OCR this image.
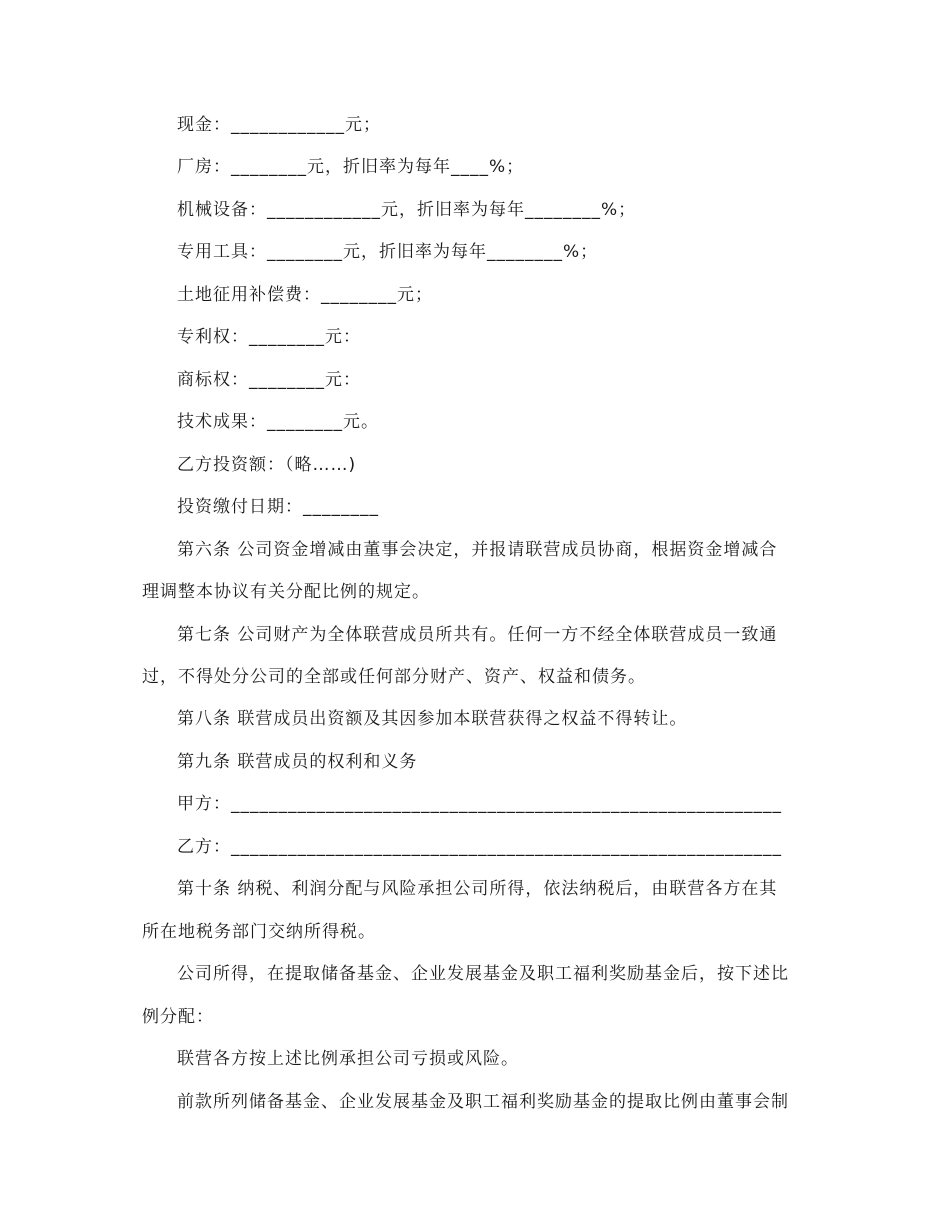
现金：____________元；

厂房：________元，折旧率为每年____%；

机械设备：____________元，折旧率为每年________%；

专用工具：________元，折旧率为每年________%；

土地征用补偿费：________元；

专利权：________元：

商标权：________元：

技术成果：________元。

乙方投资额：（略……)

投资缴付日期：________

第六条 公司资金增减由董事会决定，并报请联营成员协商，根据资金增减合

理调整本协议有关分配比例的规定。

第七条 公司财产为全体联营成员所共有。任何一方不经全体联营成员一致通

过，不得处分公司的全部或任何部分财产、资产、权益和债务。

第八条 联营成员出资额及其因参加本联营获得之权益不得转让。

第九条 联营成员的权利和义务

甲方：__________________________________________________________

乙方：__________________________________________________________

第十条 纳税、利润分配与风险承担公司所得，依法纳税后，由联营各方在其

所在地税务部门交纳所得税。

公司所得，在提取储备基金、企业发展基金及职工福利奖励基金后，按下述比

例分配：

联营各方按上述比例承担公司亏损或风险。

前款所列储备基金、企业发展基金及职工福利奖励基金的提取比例由董事会制
